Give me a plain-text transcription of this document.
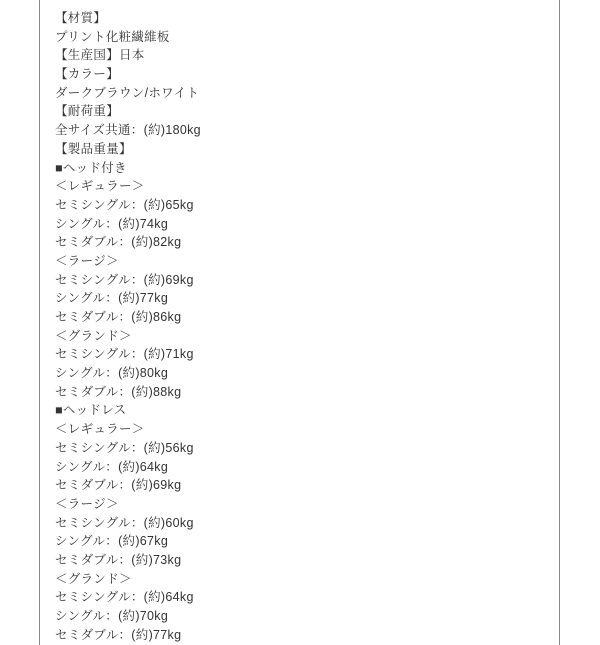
【材質】
プリント化粧繊維板
【生産国】日本
【カラー】
ダークブラウン/ホワイト
【耐荷重】
全サイズ共通：(約)180kg
【製品重量】
■ヘッド付き
＜レギュラー＞
セミシングル：(約)65kg
シングル：(約)74kg
セミダブル：(約)82kg
＜ラージ＞
セミシングル：(約)69kg
シングル：(約)77kg
セミダブル：(約)86kg
＜グランド＞
セミシングル：(約)71kg
シングル：(約)80kg
セミダブル：(約)88kg
■ヘッドレス
＜レギュラー＞
セミシングル：(約)56kg
シングル：(約)64kg
セミダブル：(約)69kg
＜ラージ＞
セミシングル：(約)60kg
シングル：(約)67kg
セミダブル：(約)73kg
＜グランド＞
セミシングル：(約)64kg
シングル：(約)70kg
セミダブル：(約)77kg
